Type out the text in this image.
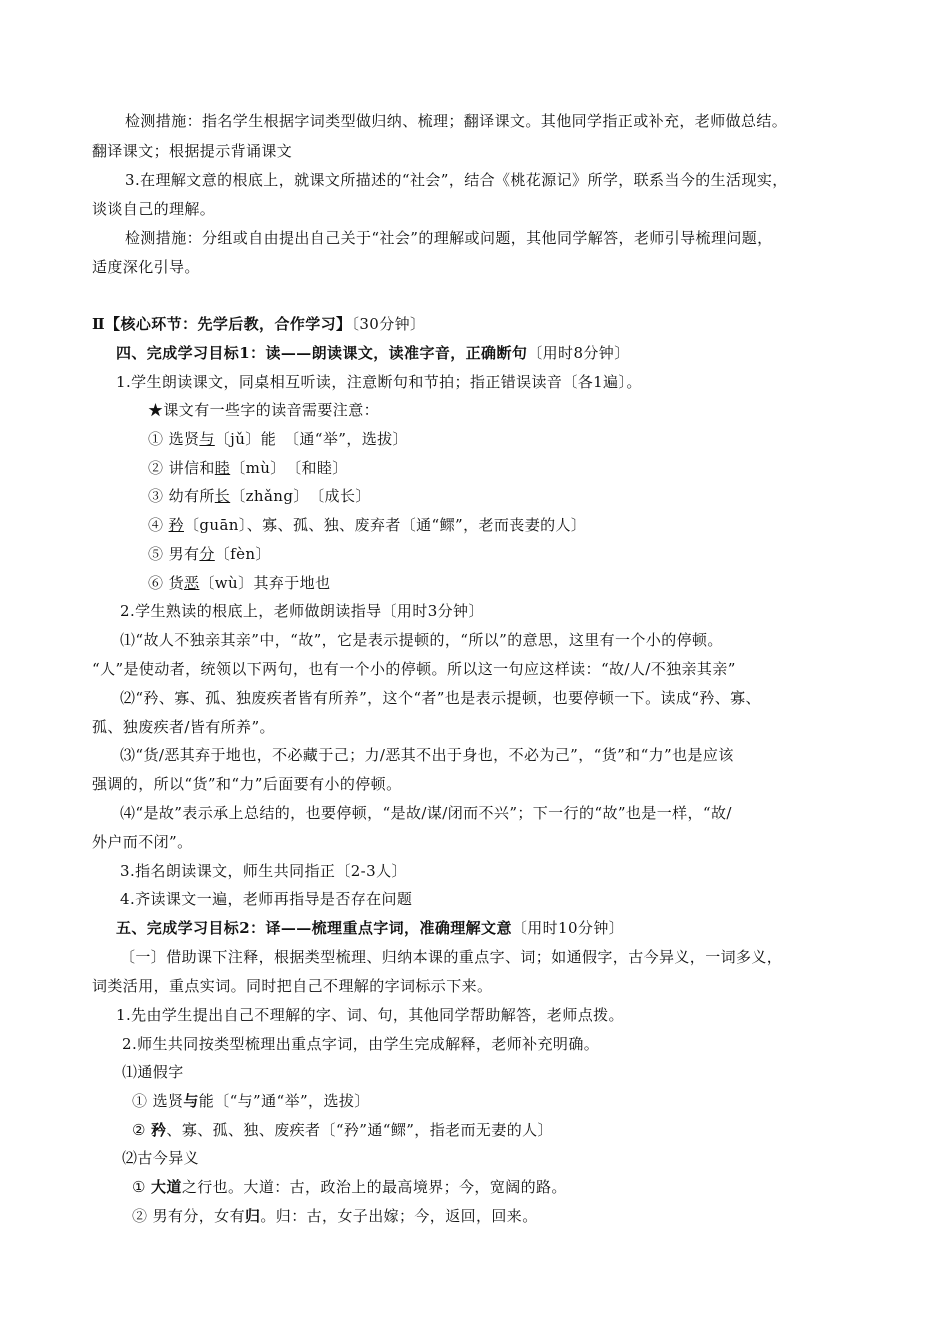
检测措施：指名学生根据字词类型做归纳、梳理；翻译课文。其他同学指正或补充，老师做总结。
翻译课文；根据提示背诵课文
3.在理解文意的根底上，就课文所描述的“社会”，结合《桃花源记》所学，联系当今的生活现实，
谈谈自己的理解。
检测措施：分组或自由提出自己关于“社会”的理解或问题，其他同学解答，老师引导梳理问题，
适度深化引导。
Ⅱ【核心环节：先学后教，合作学习】〔30分钟〕
四、完成学习目标1：读——朗读课文，读准字音，正确断句〔用时8分钟〕
1.学生朗读课文，同桌相互听读，注意断句和节拍；指正错误读音〔各1遍〕。
★课文有一些字的读音需要注意：
① 选贤与〔jǔ〕能　〔通“举”，选拔〕
② 讲信和睦〔mù〕　〔和睦〕
③ 幼有所长〔zhǎng〕　〔成长〕
④ 矜〔guān〕、寡、孤、独、废弃者〔通“鳏”，老而丧妻的人〕
⑤ 男有分〔fèn〕
⑥ 货恶〔wù〕其弃于地也
2.学生熟读的根底上，老师做朗读指导〔用时3分钟〕
⑴“故人不独亲其亲”中，“故”，它是表示提顿的，“所以”的意思，这里有一个小的停顿。
“人”是使动者，统领以下两句，也有一个小的停顿。所以这一句应这样读：“故/人/不独亲其亲”
⑵“矜、寡、孤、独废疾者皆有所养”，这个“者”也是表示提顿，也要停顿一下。读成“矜、寡、
孤、独废疾者/皆有所养”。
⑶“货/恶其弃于地也，不必藏于己；力/恶其不出于身也，不必为己”，“货”和“力”也是应该
强调的，所以“货”和“力”后面要有小的停顿。
⑷“是故”表示承上总结的，也要停顿，“是故/谋/闭而不兴”；下一行的“故”也是一样，“故/
外户而不闭”。
3.指名朗读课文，师生共同指正〔2-3人〕
4.齐读课文一遍，老师再指导是否存在问题
五、完成学习目标2：译——梳理重点字词，准确理解文意〔用时10分钟〕
〔一〕借助课下注释，根据类型梳理、归纳本课的重点字、词；如通假字，古今异义，一词多义，
词类活用，重点实词。同时把自己不理解的字词标示下来。
1.先由学生提出自己不理解的字、词、句，其他同学帮助解答，老师点拨。
2.师生共同按类型梳理出重点字词，由学生完成解释，老师补充明确。
⑴通假字
① 选贤与能〔“与”通“举”，选拔〕
② 矜、寡、孤、独、废疾者〔“矜”通“鳏”，指老而无妻的人〕
⑵古今异义
① 大道之行也。大道：古，政治上的最高境界；今，宽阔的路。
② 男有分，女有归。归：古，女子出嫁；今，返回，回来。
